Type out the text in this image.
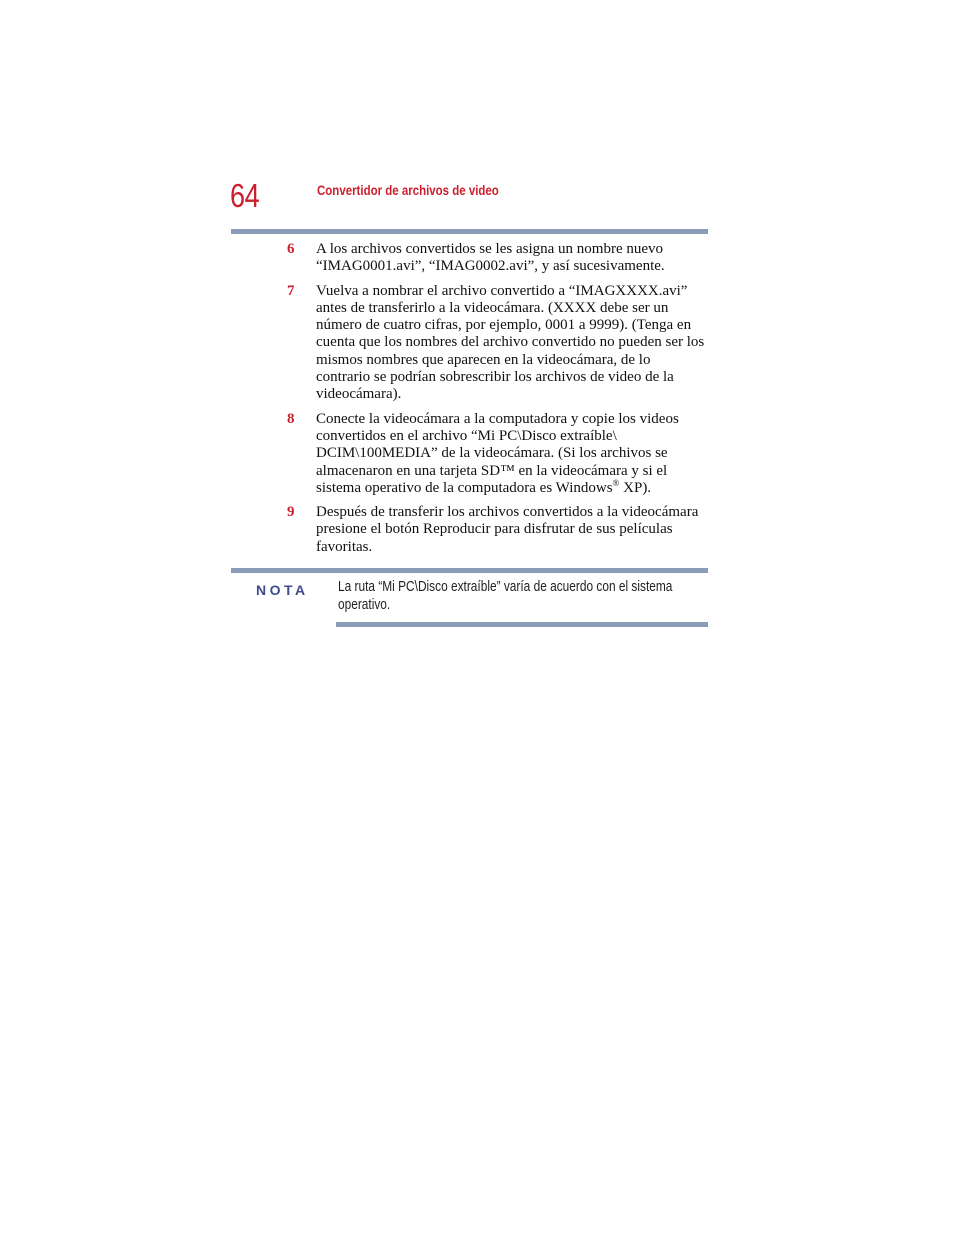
64	Convertidor de archivos de video
6 A los archivos convertidos se les asigna un nombre nuevo “IMAG0001.avi”, “IMAG0002.avi”, y así sucesivamente.
7 Vuelva a nombrar el archivo convertido a “IMAGXXXX.avi” antes de transferirlo a la videocámara. (XXXX debe ser un número de cuatro cifras, por ejemplo, 0001 a 9999). (Tenga en cuenta que los nombres del archivo convertido no pueden ser los mismos nombres que aparecen en la videocámara, de lo contrario se podrían sobrescribir los archivos de video de la videocámara).
8 Conecte la videocámara a la computadora y copie los videos convertidos en el archivo “Mi PC\Disco extraíble\ DCIM\100MEDIA” de la videocámara. (Si los archivos se almacenaron en una tarjeta SD™ en la videocámara y si el sistema operativo de la computadora es Windows® XP).
9 Después de transferir los archivos convertidos a la videocámara presione el botón Reproducir para disfrutar de sus películas favoritas.
NOTA La ruta “Mi PC\Disco extraíble” varía de acuerdo con el sistema operativo.
